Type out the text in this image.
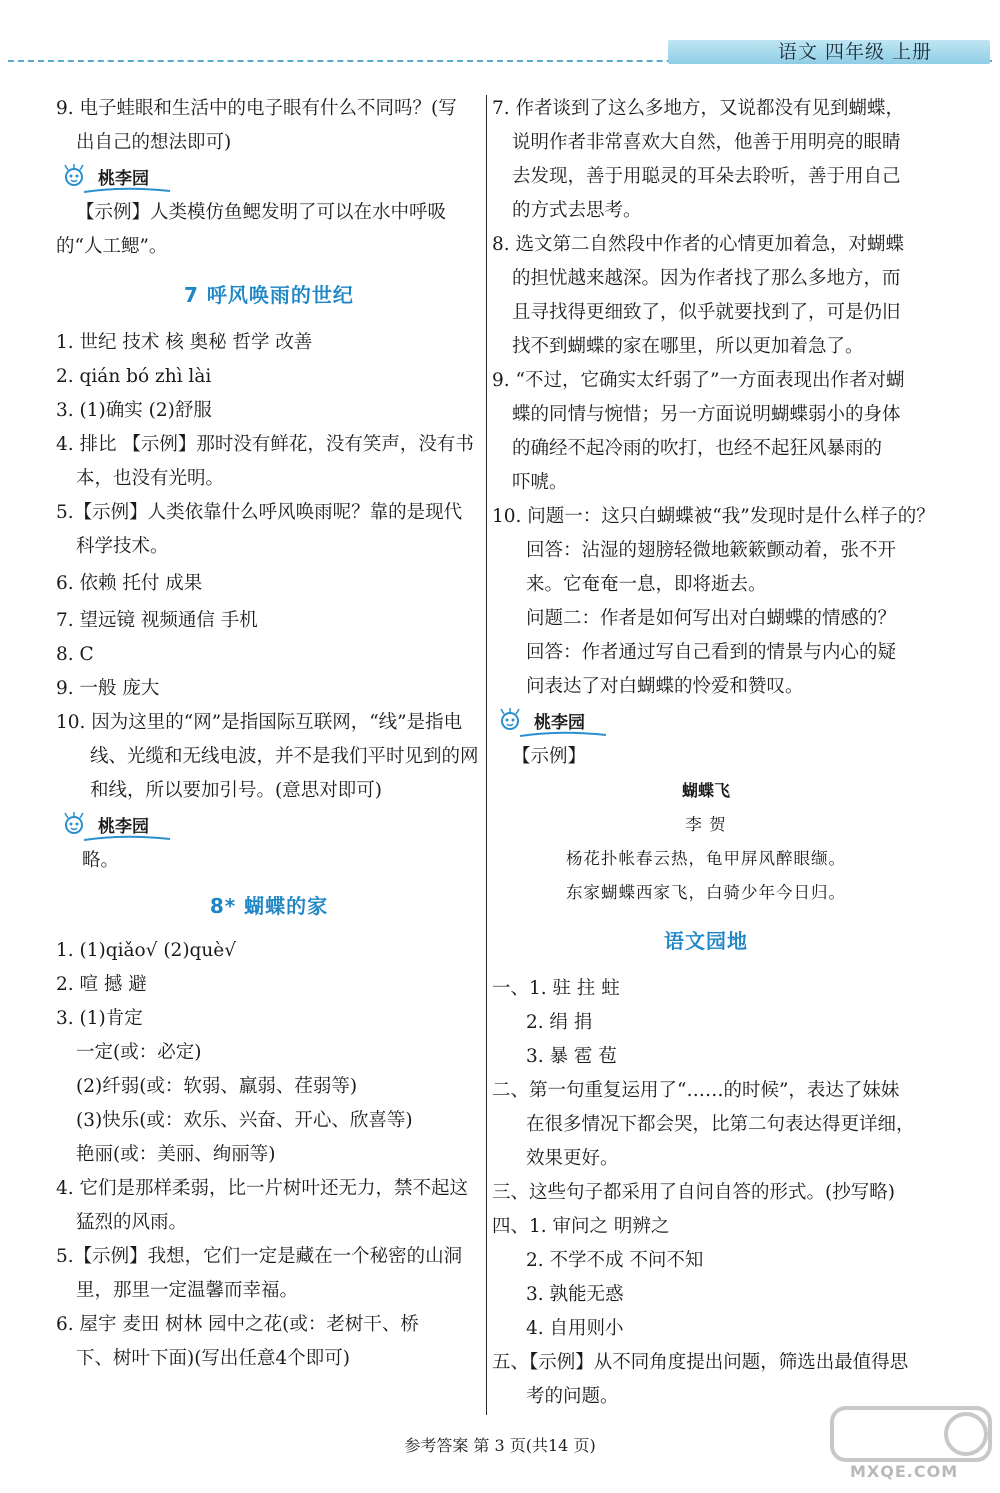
语文 四年级 上册
9. 电子蛙眼和生活中的电子眼有什么不同吗？(写
出自己的想法即可)
桃李园
【示例】人类模仿鱼鳃发明了可以在水中呼吸
的“人工鳃”。
7 呼风唤雨的世纪
1. 世纪 技术 核 奥秘 哲学 改善
2. qián bó zhì lài
3. (1)确实 (2)舒服
4. 排比 【示例】那时没有鲜花，没有笑声，没有书
本，也没有光明。
5.【示例】人类依靠什么呼风唤雨呢？靠的是现代
科学技术。
6. 依赖 托付 成果
7. 望远镜 视频通信 手机
8. C
9. 一般 庞大
10. 因为这里的“网”是指国际互联网，“线”是指电
线、光缆和无线电波，并不是我们平时见到的网
和线，所以要加引号。(意思对即可)
桃李园
略。
8* 蝴蝶的家
1. (1)qiǎo√ (2)què√
2. 喧 撼 避
3. (1)肯定
一定(或：必定)
(2)纤弱(或：软弱、羸弱、荏弱等)
(3)快乐(或：欢乐、兴奋、开心、欣喜等)
艳丽(或：美丽、绚丽等)
4. 它们是那样柔弱，比一片树叶还无力，禁不起这
猛烈的风雨。
5.【示例】我想，它们一定是藏在一个秘密的山洞
里，那里一定温馨而幸福。
6. 屋宇 麦田 树林 园中之花(或：老树干、桥
下、树叶下面)(写出任意4个即可)
7. 作者谈到了这么多地方，又说都没有见到蝴蝶，
说明作者非常喜欢大自然，他善于用明亮的眼睛
去发现，善于用聪灵的耳朵去聆听，善于用自己
的方式去思考。
8. 选文第二自然段中作者的心情更加着急，对蝴蝶
的担忧越来越深。因为作者找了那么多地方，而
且寻找得更细致了，似乎就要找到了，可是仍旧
找不到蝴蝶的家在哪里，所以更加着急了。
9. “不过，它确实太纤弱了”一方面表现出作者对蝴
蝶的同情与惋惜；另一方面说明蝴蝶弱小的身体
的确经不起冷雨的吹打，也经不起狂风暴雨的
吓唬。
10. 问题一：这只白蝴蝶被“我”发现时是什么样子的？
回答：沾湿的翅膀轻微地簌簌颤动着，张不开
来。它奄奄一息，即将逝去。
问题二：作者是如何写出对白蝴蝶的情感的？
回答：作者通过写自己看到的情景与内心的疑
问表达了对白蝴蝶的怜爱和赞叹。
桃李园
【示例】
蝴蝶飞
李 贺
杨花扑帐春云热，龟甲屏风醉眼缬。
东家蝴蝶西家飞，白骑少年今日归。
语文园地
一、1. 驻 拄 蛀
2. 绢 捐
3. 暴 雹 苞
二、第一句重复运用了“……的时候”，表达了妹妹
在很多情况下都会哭，比第二句表达得更详细，
效果更好。
三、这些句子都采用了自问自答的形式。(抄写略)
四、1. 审问之 明辨之
2. 不学不成 不问不知
3. 孰能无惑
4. 自用则小
五、【示例】从不同角度提出问题，筛选出最值得思
考的问题。
参考答案 第 3 页(共14 页)
MXQE.COM
